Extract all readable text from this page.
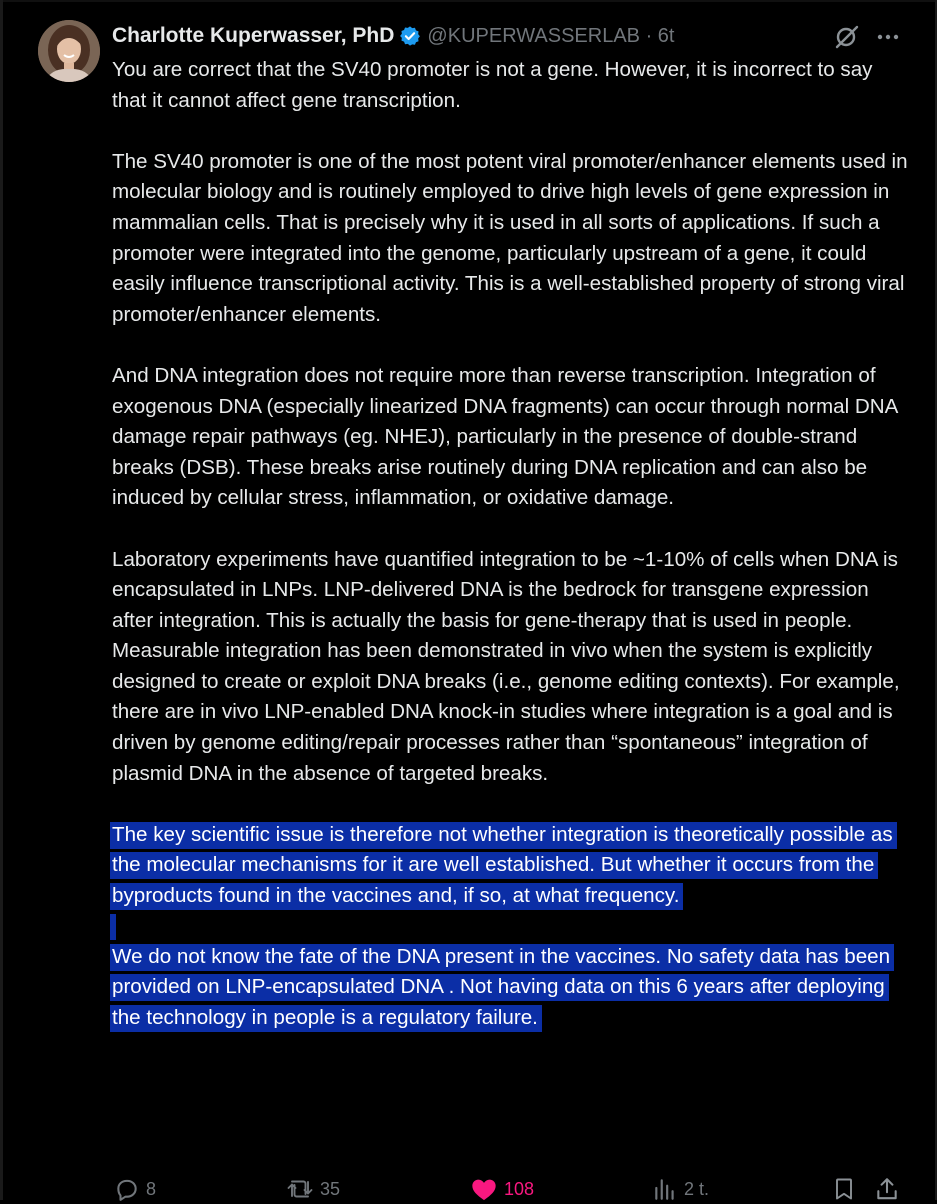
Charlotte Kuperwasser, PhD @KUPERWASSERLAB · 6t

You are correct that the SV40 promoter is not a gene. However, it is incorrect to say that it cannot affect gene transcription.

The SV40 promoter is one of the most potent viral promoter/enhancer elements used in molecular biology and is routinely employed to drive high levels of gene expression in mammalian cells. That is precisely why it is used in all sorts of applications. If such a promoter were integrated into the genome, particularly upstream of a gene, it could easily influence transcriptional activity. This is a well-established property of strong viral promoter/enhancer elements.

And DNA integration does not require more than reverse transcription. Integration of exogenous DNA (especially linearized DNA fragments) can occur through normal DNA damage repair pathways (eg. NHEJ), particularly in the presence of double-strand breaks (DSB). These breaks arise routinely during DNA replication and can also be induced by cellular stress, inflammation, or oxidative damage.

Laboratory experiments have quantified integration to be ~1-10% of cells when DNA is encapsulated in LNPs. LNP-delivered DNA is the bedrock for transgene expression after integration. This is actually the basis for gene-therapy that is used in people. Measurable integration has been demonstrated in vivo when the system is explicitly designed to create or exploit DNA breaks (i.e., genome editing contexts). For example, there are in vivo LNP-enabled DNA knock-in studies where integration is a goal and is driven by genome editing/repair processes rather than “spontaneous” integration of plasmid DNA in the absence of targeted breaks.

The key scientific issue is therefore not whether integration is theoretically possible as the molecular mechanisms for it are well established. But whether it occurs from the byproducts found in the vaccines and, if so, at what frequency.

We do not know the fate of the DNA present in the vaccines. No safety data has been provided on LNP-encapsulated DNA . Not having data on this 6 years after deploying the technology in people is a regulatory failure.

8	35	108	2 t.
